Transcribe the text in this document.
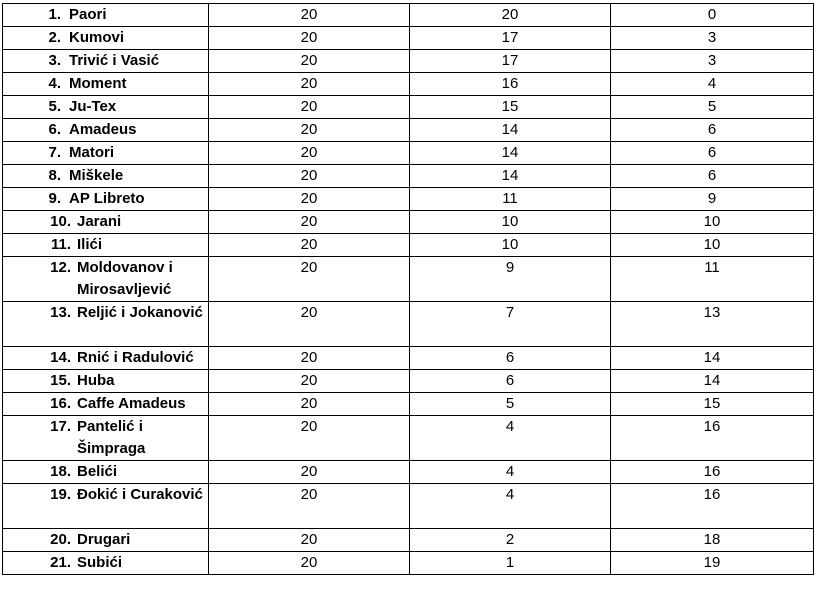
1. Paori	20	20	0

2. Kumovi	20	17	3

3. Trivić i Vasić	20	17	3

4. Moment	20	16	4

5. Ju-Tex	20	15	5

6. Amadeus	20	14	6

7. Matori	20	14	6

8. Miškele	20	14	6

9. AP Libreto	20	11	9

10. Jarani	20	10	10

11. Ilići	20	10	10

12. Moldovanov i Mirosavljević	20	9	11

13. Reljić i Jokanović	20	7	13

14. Rnić i Radulović	20	6	14

15. Huba	20	6	14

16. Caffe Amadeus	20	5	15

17. Pantelić i Šimpraga	20	4	16

18. Belići	20	4	16

19. Đokić i Curaković	20	4	16

20. Drugari	20	2	18

21. Subići	20	1	19
